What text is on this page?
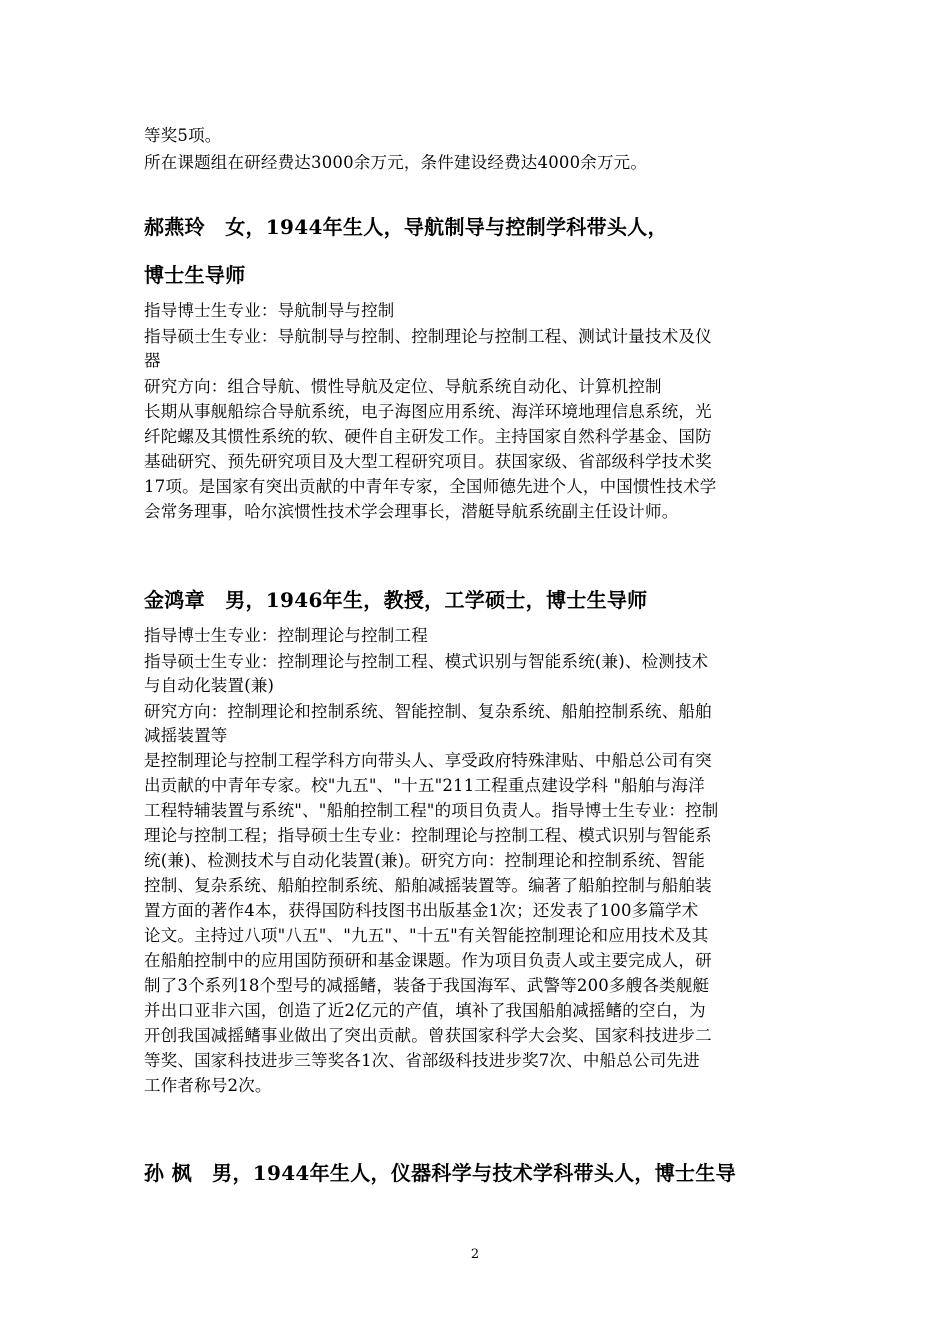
等奖5项。
所在课题组在研经费达3000余万元，条件建设经费达4000余万元。
郝燕玲　女，1944年生人，导航制导与控制学科带头人，
博士生导师
指导博士生专业：导航制导与控制
指导硕士生专业：导航制导与控制、控制理论与控制工程、测试计量技术及仪
器
研究方向：组合导航、惯性导航及定位、导航系统自动化、计算机控制
长期从事舰船综合导航系统，电子海图应用系统、海洋环境地理信息系统，光
纤陀螺及其惯性系统的软、硬件自主研发工作。主持国家自然科学基金、国防
基础研究、预先研究项目及大型工程研究项目。获国家级、省部级科学技术奖
17项。是国家有突出贡献的中青年专家，全国师德先进个人，中国惯性技术学
会常务理事，哈尔滨惯性技术学会理事长，潜艇导航系统副主任设计师。
金鸿章　男，1946年生，教授，工学硕士，博士生导师
指导博士生专业：控制理论与控制工程
指导硕士生专业：控制理论与控制工程、模式识别与智能系统(兼)、检测技术
与自动化装置(兼)
研究方向：控制理论和控制系统、智能控制、复杂系统、船舶控制系统、船舶
减摇装置等
是控制理论与控制工程学科方向带头人、享受政府特殊津贴、中船总公司有突
出贡献的中青年专家。校"九五"、"十五"211工程重点建设学科 "船舶与海洋
工程特辅装置与系统"、"船舶控制工程"的项目负责人。指导博士生专业：控制
理论与控制工程；指导硕士生专业：控制理论与控制工程、模式识别与智能系
统(兼)、检测技术与自动化装置(兼)。研究方向：控制理论和控制系统、智能
控制、复杂系统、船舶控制系统、船舶减摇装置等。编著了船舶控制与船舶装
置方面的著作4本，获得国防科技图书出版基金1次；还发表了100多篇学术
论文。主持过八项"八五"、"九五"、"十五"有关智能控制理论和应用技术及其
在船舶控制中的应用国防预研和基金课题。作为项目负责人或主要完成人，研
制了3个系列18个型号的减摇鳍，装备于我国海军、武警等200多艘各类舰艇
并出口亚非六国，创造了近2亿元的产值，填补了我国船舶减摇鳍的空白，为
开创我国减摇鳍事业做出了突出贡献。曾获国家科学大会奖、国家科技进步二
等奖、国家科技进步三等奖各1次、省部级科技进步奖7次、中船总公司先进
工作者称号2次。
孙 枫　男，1944年生人，仪器科学与技术学科带头人，博士生导
2
